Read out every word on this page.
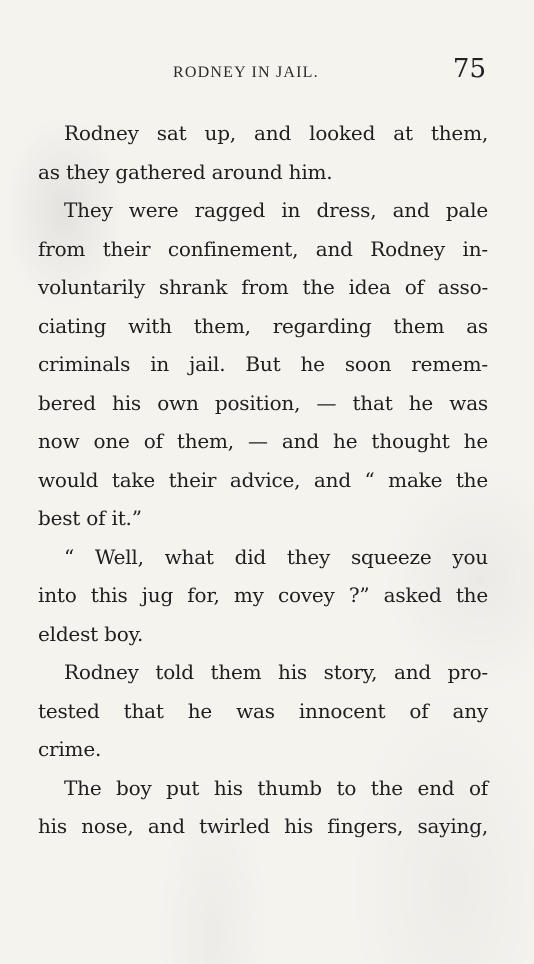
RODNEY IN JAIL.	75
Rodney sat up, and looked at them,
as they gathered around him.
They were ragged in dress, and pale
from their confinement, and Rodney in-
voluntarily shrank from the idea of asso-
ciating with them, regarding them as
criminals in jail. But he soon remem-
bered his own position, — that he was
now one of them, — and he thought he
would take their advice, and “ make the
best of it.”
“ Well, what did they squeeze you
into this jug for, my covey ?” asked the
eldest boy.
Rodney told them his story, and pro-
tested that he was innocent of any
crime.
The boy put his thumb to the end of
his nose, and twirled his fingers, saying,
